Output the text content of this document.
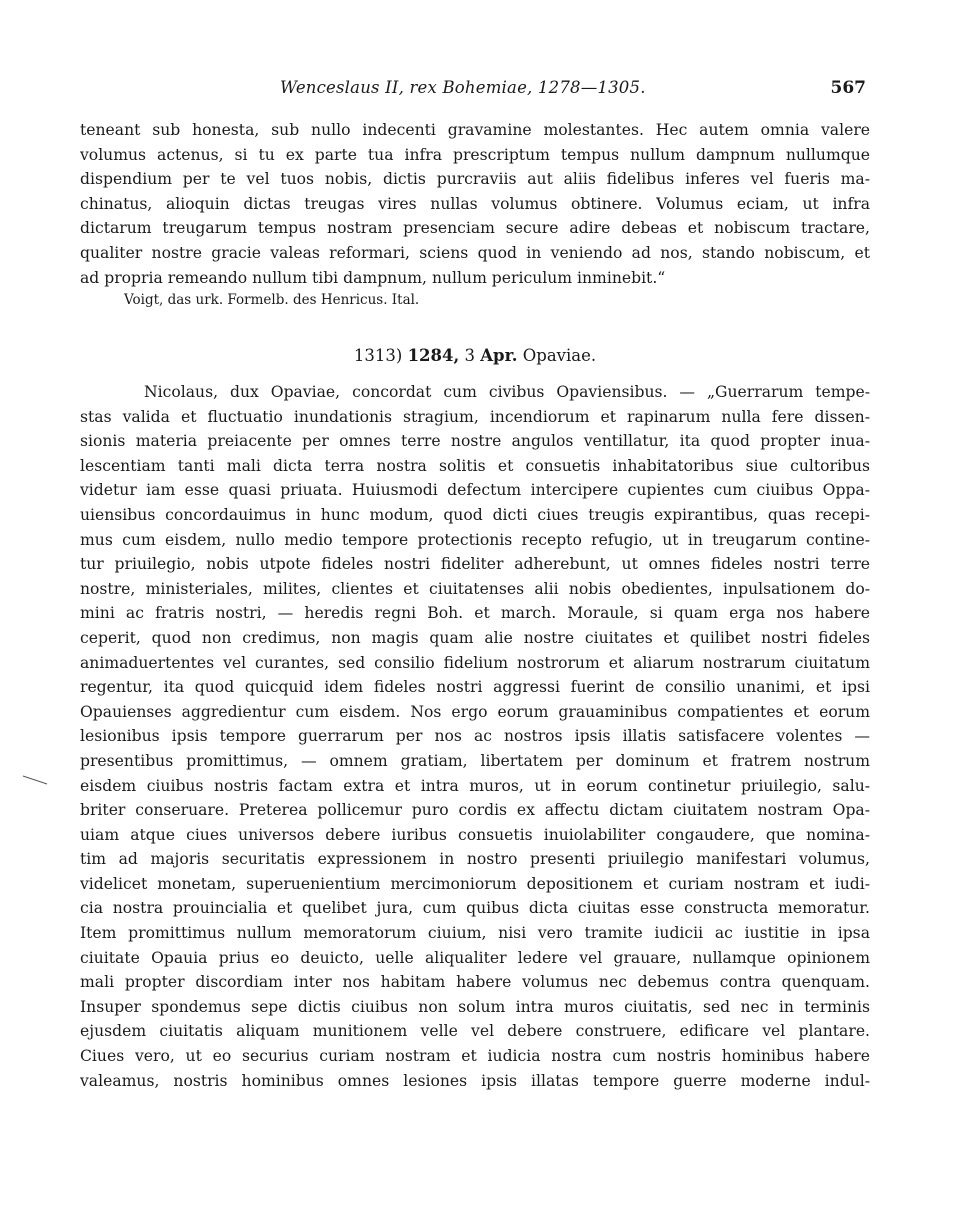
Wenceslaus II, rex Bohemiae, 1278—1305.	567
teneant sub honesta, sub nullo indecenti gravamine molestantes. Hec autem omnia valere
volumus actenus, si tu ex parte tua infra prescriptum tempus nullum dampnum nullumque
dispendium per te vel tuos nobis, dictis purcraviis aut aliis fidelibus inferes vel fueris ma-
chinatus, alioquin dictas treugas vires nullas volumus obtinere. Volumus eciam, ut infra
dictarum treugarum tempus nostram presenciam secure adire debeas et nobiscum tractare,
qualiter nostre gracie valeas reformari, sciens quod in veniendo ad nos, stando nobiscum, et
ad propria remeando nullum tibi dampnum, nullum periculum inminebit.“
Voigt, das urk. Formelb. des Henricus. Ital.
1313) 1284, 3 Apr. Opaviae.
Nicolaus, dux Opaviae, concordat cum civibus Opaviensibus. — „Guerrarum tempe-
stas valida et fluctuatio inundationis stragium, incendiorum et rapinarum nulla fere dissen-
sionis materia preiacente per omnes terre nostre angulos ventillatur, ita quod propter inua-
lescentiam tanti mali dicta terra nostra solitis et consuetis inhabitatoribus siue cultoribus
videtur iam esse quasi priuata. Huiusmodi defectum intercipere cupientes cum ciuibus Oppa-
uiensibus concordauimus in hunc modum, quod dicti ciues treugis expirantibus, quas recepi-
mus cum eisdem, nullo medio tempore protectionis recepto refugio, ut in treugarum contine-
tur priuilegio, nobis utpote fideles nostri fideliter adherebunt, ut omnes fideles nostri terre
nostre, ministeriales, milites, clientes et ciuitatenses alii nobis obedientes, inpulsationem do-
mini ac fratris nostri, — heredis regni Boh. et march. Moraule, si quam erga nos habere
ceperit, quod non credimus, non magis quam alie nostre ciuitates et quilibet nostri fideles
animaduertentes vel curantes, sed consilio fidelium nostrorum et aliarum nostrarum ciuitatum
regentur, ita quod quicquid idem fideles nostri aggressi fuerint de consilio unanimi, et ipsi
Opauienses aggredientur cum eisdem. Nos ergo eorum grauaminibus compatientes et eorum
lesionibus ipsis tempore guerrarum per nos ac nostros ipsis illatis satisfacere volentes —
presentibus promittimus, — omnem gratiam, libertatem per dominum et fratrem nostrum
eisdem ciuibus nostris factam extra et intra muros, ut in eorum continetur priuilegio, salu-
briter conseruare. Preterea pollicemur puro cordis ex affectu dictam ciuitatem nostram Opa-
uiam atque ciues universos debere iuribus consuetis inuiolabiliter congaudere, que nomina-
tim ad majoris securitatis expressionem in nostro presenti priuilegio manifestari volumus,
videlicet monetam, superuenientium mercimoniorum depositionem et curiam nostram et iudi-
cia nostra prouincialia et quelibet jura, cum quibus dicta ciuitas esse constructa memoratur.
Item promittimus nullum memoratorum ciuium, nisi vero tramite iudicii ac iustitie in ipsa
ciuitate Opauia prius eo deuicto, uelle aliqualiter ledere vel grauare, nullamque opinionem
mali propter discordiam inter nos habitam habere volumus nec debemus contra quenquam.
Insuper spondemus sepe dictis ciuibus non solum intra muros ciuitatis, sed nec in terminis
ejusdem ciuitatis aliquam munitionem velle vel debere construere, edificare vel plantare.
Ciues vero, ut eo securius curiam nostram et iudicia nostra cum nostris hominibus habere
valeamus, nostris hominibus omnes lesiones ipsis illatas tempore guerre moderne indul-
